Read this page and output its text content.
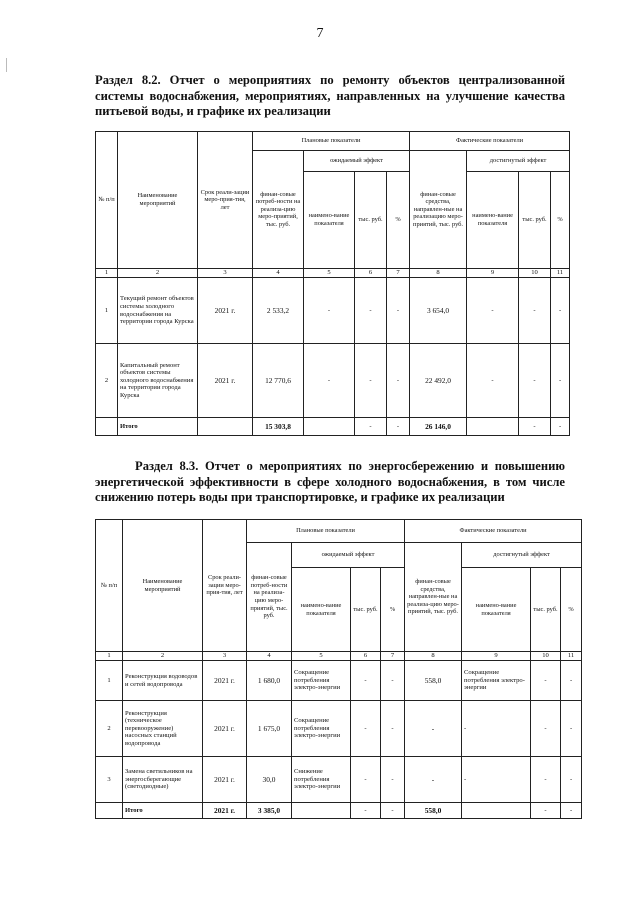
7
Раздел 8.2. Отчет о мероприятиях по ремонту объектов централизованной системы водоснабжения, мероприятиях, направленных на улучшение качества питьевой воды, и графике их реализации
№ п/п	Наименование мероприятий	Срок реали-зации меро-прия-тия, лет	Плановые показатели				Фактические показатели			
			финан-совые потреб-ности на реализа-цию меро-приятий, тыс. руб.	ожидаемый эффект			финан-совые средства, направлен-ные на реализацию меро-приятий, тыс. руб.	достигнутый эффект		
				наимено-вание показателя	тыс. руб.	%		наимено-вание показателя	тыс. руб.	%
1	2	3	4	5	6	7	8	9	10	11
1	Текущий ремонт объектов системы холодного водоснабжения на территории города Курска	2021 г.	2 533,2	-	-	-	3 654,0	-	-	-
2	Капитальный ремонт объектов системы холодного водоснабжения на территории города Курска	2021 г.	12 770,6	-	-	-	22 492,0	-	-	-
	Итого		15 303,8		-	-	26 146,0		-	-
Раздел 8.3. Отчет о мероприятиях по энергосбережению и повышению энергетической эффективности в сфере холодного водоснабжения, в том числе снижению потерь воды при транспортировке, и графике их реализации
№ п/п	Наименование мероприятий	Срок реали-зации меро-прия-тия, лет	Плановые показатели				Фактические показатели			
			финан-совые потреб-ности на реализа-цию меро-приятий, тыс. руб.	ожидаемый эффект			финан-совые средства, направлен-ные на реализа-цию меро-приятий, тыс. руб.	достигнутый эффект		
				наимено-вание показателя	тыс. руб.	%		наимено-вание показателя	тыс. руб.	%
1	2	3	4	5	6	7	8	9	10	11
1	Реконструкция водоводов и сетей водопровода	2021 г.	1 680,0	Сокращение потребления электро-энергии	-	-	558,0	Сокращение потребления электро-энергии	-	-
2	Реконструкция (техническое перевооружение) насосных станций водопровода	2021 г.	1 675,0	Сокращение потребления электро-энергии	-	-	-	-	-	-
3	Замена светильников на энергосберегающие (светодиодные)	2021 г.	30,0	Снижение потребления электро-энергии	-	-	-	-	-	-
	Итого	2021 г.	3 385,0		-	-	558,0		-	-
